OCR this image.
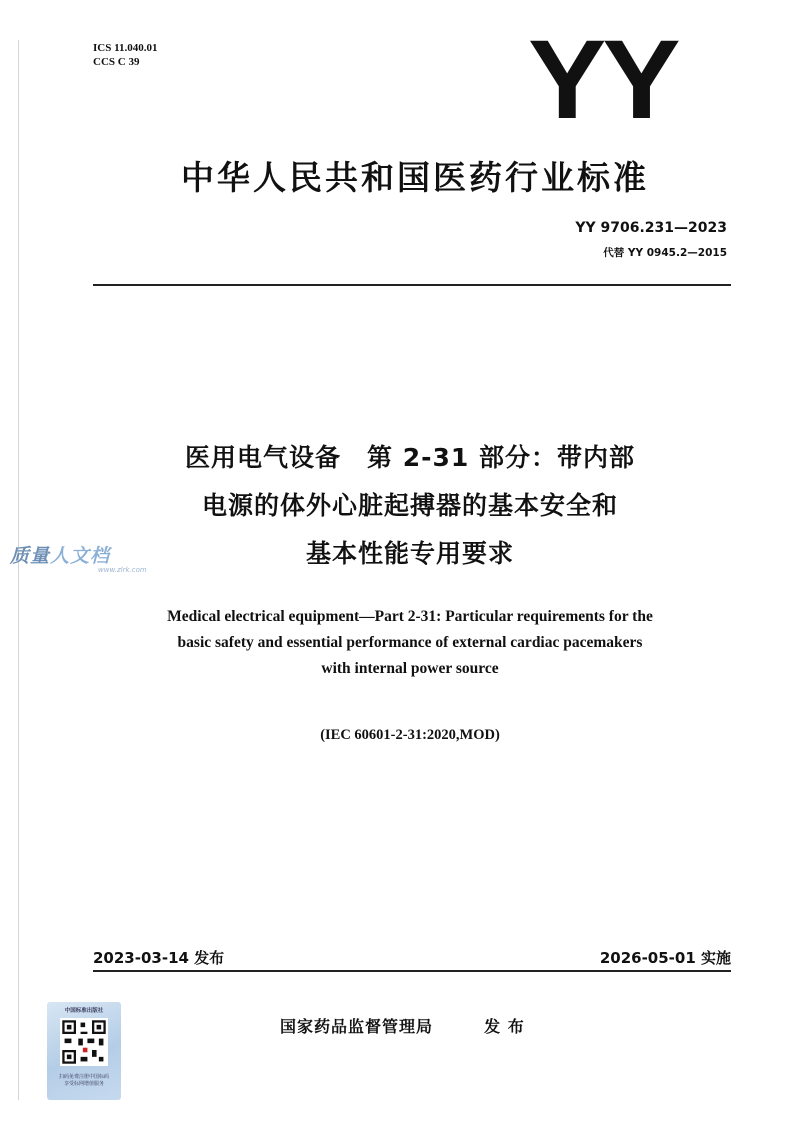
ICS 11.040.01
CCS C 39	YY
中华人民共和国医药行业标准
YY 9706.231—2023
代替 YY 0945.2—2015
医用电气设备　第 2-31 部分：带内部
电源的体外心脏起搏器的基本安全和
基本性能专用要求
质量人文档
www.zlrk.com
Medical electrical equipment—Part 2-31: Particular requirements for the
basic safety and essential performance of external cardiac pacemakers
with internal power source
(IEC 60601-2-31:2020,MOD)
2023-03-14 发布	2026-05-01 实施
国家药品监督管理局	发 布
中国标准出版社
扫码免费注册中国标码
享受标网增值服务
